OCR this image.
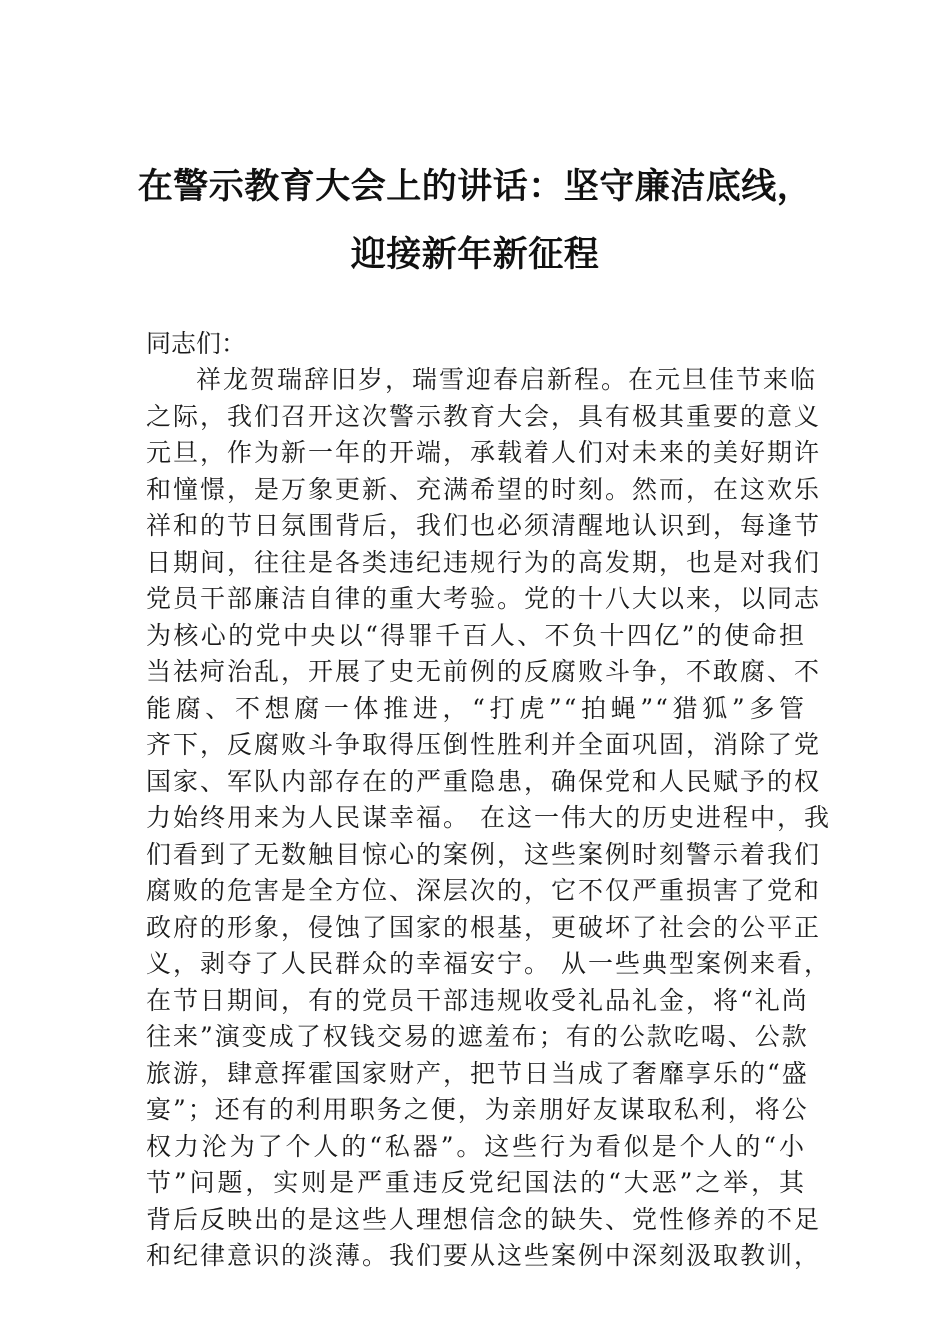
在警示教育大会上的讲话：坚守廉洁底线，
迎接新年新征程
同志们：
祥龙贺瑞辞旧岁，瑞雪迎春启新程。在元旦佳节来临
之际，我们召开这次警示教育大会，具有极其重要的意义
元旦，作为新一年的开端，承载着人们对未来的美好期许
和憧憬，是万象更新、充满希望的时刻。然而，在这欢乐
祥和的节日氛围背后，我们也必须清醒地认识到，每逢节
日期间，往往是各类违纪违规行为的高发期，也是对我们
党员干部廉洁自律的重大考验。党的十八大以来，以同志
为核心的党中央以“得罪千百人、不负十四亿”的使命担
当祛疴治乱，开展了史无前例的反腐败斗争，不敢腐、不
能腐、不想腐一体推进，“打虎”“拍蝇”“猎狐”多管
齐下，反腐败斗争取得压倒性胜利并全面巩固，消除了党
国家、军队内部存在的严重隐患，确保党和人民赋予的权
力始终用来为人民谋幸福。 在这一伟大的历史进程中，我
们看到了无数触目惊心的案例，这些案例时刻警示着我们
腐败的危害是全方位、深层次的，它不仅严重损害了党和
政府的形象，侵蚀了国家的根基，更破坏了社会的公平正
义，剥夺了人民群众的幸福安宁。 从一些典型案例来看，
在节日期间，有的党员干部违规收受礼品礼金，将“礼尚
往来”演变成了权钱交易的遮羞布；有的公款吃喝、公款
旅游，肆意挥霍国家财产，把节日当成了奢靡享乐的“盛
宴”；还有的利用职务之便，为亲朋好友谋取私利，将公
权力沦为了个人的“私器”。这些行为看似是个人的“小
节”问题，实则是严重违反党纪国法的“大恶”之举，其
背后反映出的是这些人理想信念的缺失、党性修养的不足
和纪律意识的淡薄。我们要从这些案例中深刻汲取教训，
